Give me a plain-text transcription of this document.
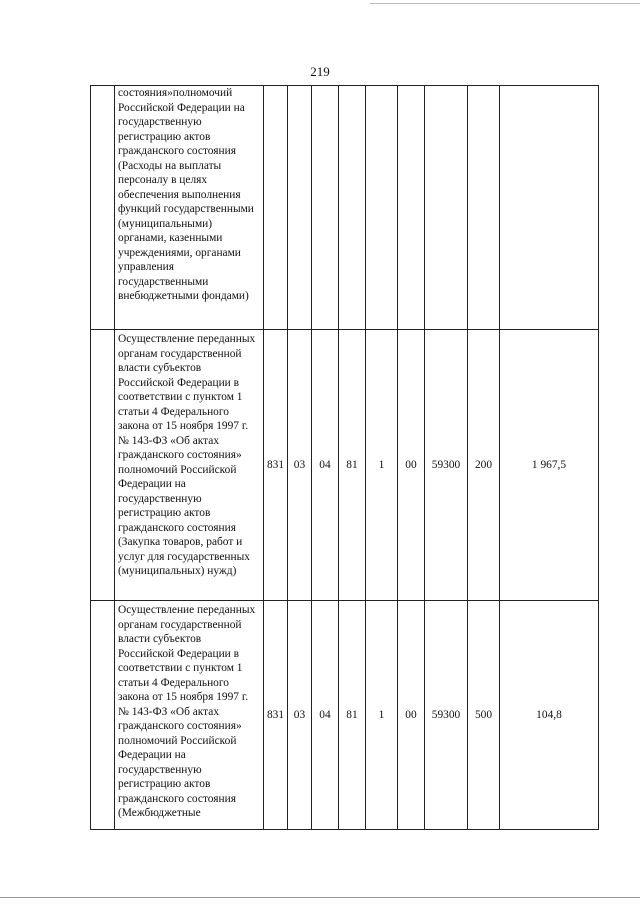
219

	состояния»полномочий Российской Федерации на государственную регистрацию актов гражданского состояния (Расходы на выплаты персоналу в целях обеспечения выполнения функций государственными (муниципальными) органами, казенными учреждениями, органами управления государственными внебюджетными фондами)									

	Осуществление переданных органам государственной власти субъектов Российской Федерации в соответствии с пунктом 1 статьи 4 Федерального закона от 15 ноября 1997 г. № 143-ФЗ «Об актах гражданского состояния» полномочий Российской Федерации на государственную регистрацию актов гражданского состояния (Закупка товаров, работ и услуг для государственных (муниципальных) нужд)	831	03	04	81	1	00	59300	200	1 967,5

	Осуществление переданных органам государственной власти субъектов Российской Федерации в соответствии с пунктом 1 статьи 4 Федерального закона от 15 ноября 1997 г. № 143-ФЗ «Об актах гражданского состояния» полномочий Российской Федерации на государственную регистрацию актов гражданского состояния (Межбюджетные	831	03	04	81	1	00	59300	500	104,8
